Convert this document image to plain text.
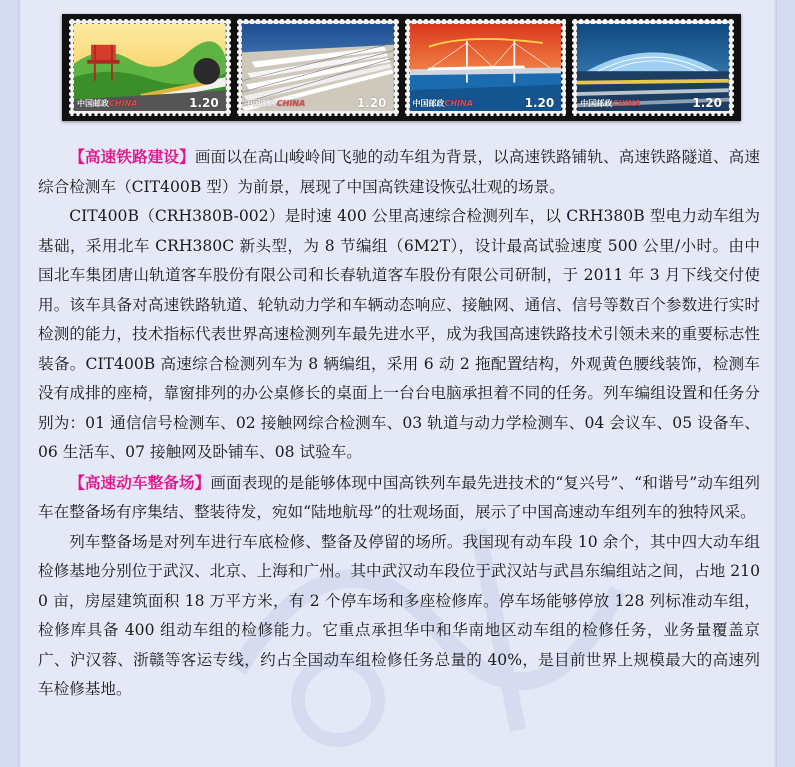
中国邮政CHINA	1.20	中国邮政CHINA	1.20	中国邮政CHINA	1.20	中国邮政CHINA	1.20

【高速铁路建设】画面以在高山峻岭间飞驰的动车组为背景，以高速铁路铺轨、高速铁路隧道、高速综合检测车（CIT400B 型）为前景，展现了中国高铁建设恢弘壮观的场景。

CIT400B（CRH380B-002）是时速 400 公里高速综合检测列车，以 CRH380B 型电力动车组为基础，采用北车 CRH380C 新头型，为 8 节编组（6M2T），设计最高试验速度 500 公里/小时。由中国北车集团唐山轨道客车股份有限公司和长春轨道客车股份有限公司研制，于 2011 年 3 月下线交付使用。该车具备对高速铁路轨道、轮轨动力学和车辆动态响应、接触网、通信、信号等数百个参数进行实时检测的能力，技术指标代表世界高速检测列车最先进水平，成为我国高速铁路技术引领未来的重要标志性装备。CIT400B 高速综合检测列车为 8 辆编组，采用 6 动 2 拖配置结构，外观黄色腰线装饰，检测车没有成排的座椅，靠窗排列的办公桌修长的桌面上一台台电脑承担着不同的任务。列车编组设置和任务分别为：01 通信信号检测车、02 接触网综合检测车、03 轨道与动力学检测车、04 会议车、05 设备车、06 生活车、07 接触网及卧铺车、08 试验车。

【高速动车整备场】画面表现的是能够体现中国高铁列车最先进技术的“复兴号”、“和谐号”动车组列车在整备场有序集结、整装待发，宛如“陆地航母”的壮观场面，展示了中国高速动车组列车的独特风采。

列车整备场是对列车进行车底检修、整备及停留的场所。我国现有动车段 10 余个，其中四大动车组检修基地分别位于武汉、北京、上海和广州。其中武汉动车段位于武汉站与武昌东编组站之间，占地 2100 亩，房屋建筑面积 18 万平方米，有 2 个停车场和多座检修库。停车场能够停放 128 列标准动车组，检修库具备 400 组动车组的检修能力。它重点承担华中和华南地区动车组的检修任务，业务量覆盖京广、沪汉蓉、浙赣等客运专线，约占全国动车组检修任务总量的 40%，是目前世界上规模最大的高速列车检修基地。
